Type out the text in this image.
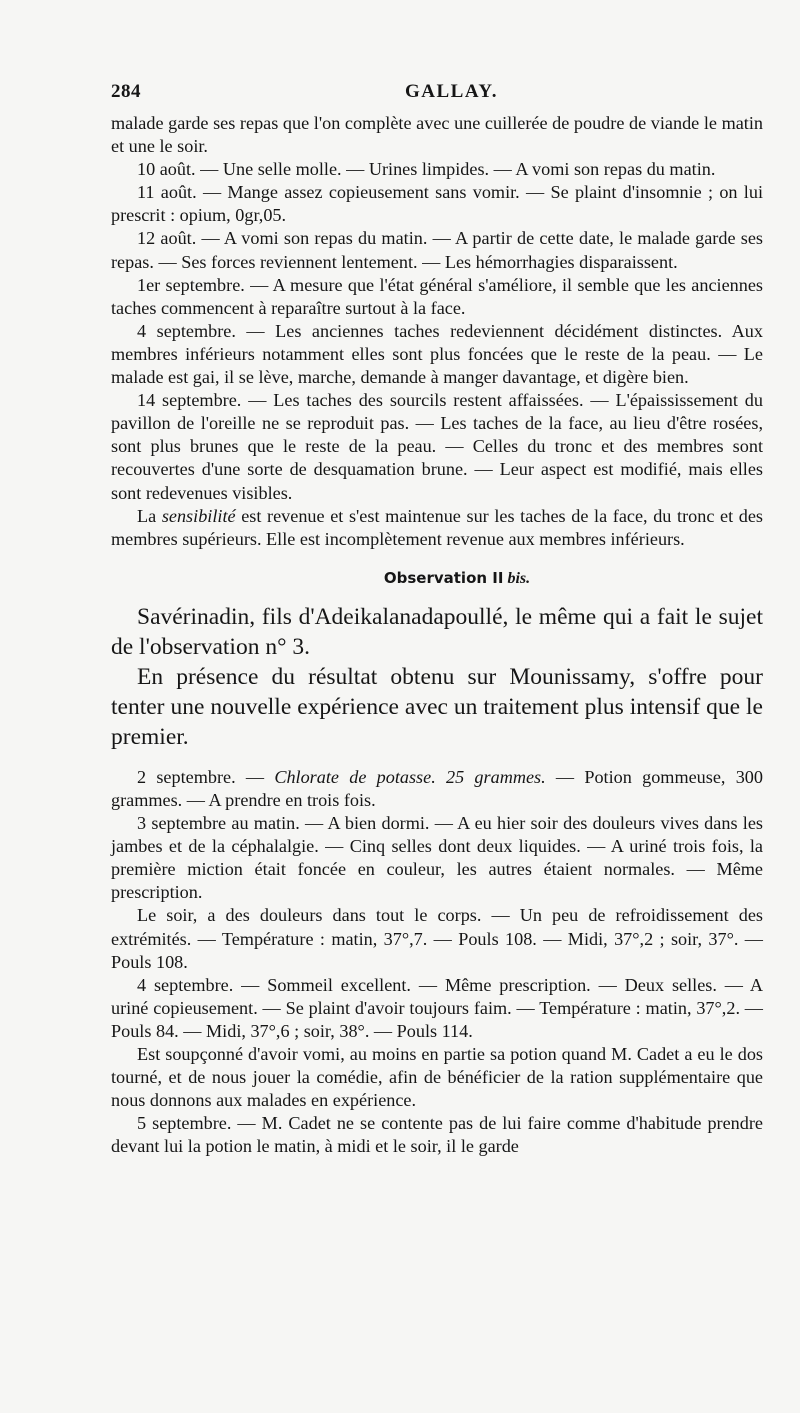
284	GALLAY.

malade garde ses repas que l'on complète avec une cuillerée de poudre de viande le matin et une le soir.

10 août. — Une selle molle. — Urines limpides. — A vomi son repas du matin.

11 août. — Mange assez copieusement sans vomir. — Se plaint d'insomnie ; on lui prescrit : opium, 0gr,05.

12 août. — A vomi son repas du matin. — A partir de cette date, le malade garde ses repas. — Ses forces reviennent lentement. — Les hémorrhagies disparaissent.

1er septembre. — A mesure que l'état général s'améliore, il semble que les anciennes taches commencent à reparaître surtout à la face.

4 septembre. — Les anciennes taches redeviennent décidément distinctes. Aux membres inférieurs notamment elles sont plus foncées que le reste de la peau. — Le malade est gai, il se lève, marche, demande à manger davantage, et digère bien.

14 septembre. — Les taches des sourcils restent affaissées. — L'épaississement du pavillon de l'oreille ne se reproduit pas. — Les taches de la face, au lieu d'être rosées, sont plus brunes que le reste de la peau. — Celles du tronc et des membres sont recouvertes d'une sorte de desquamation brune. — Leur aspect est modifié, mais elles sont redevenues visibles.

La sensibilité est revenue et s'est maintenue sur les taches de la face, du tronc et des membres supérieurs. Elle est incomplètement revenue aux membres inférieurs.

Observation II bis.

Savérinadin, fils d'Adeikalanadapoullé, le même qui a fait le sujet de l'observation n° 3.

En présence du résultat obtenu sur Mounissamy, s'offre pour tenter une nouvelle expérience avec un traitement plus intensif que le premier.

2 septembre. — Chlorate de potasse. 25 grammes. — Potion gommeuse, 300 grammes. — A prendre en trois fois.

3 septembre au matin. — A bien dormi. — A eu hier soir des douleurs vives dans les jambes et de la céphalalgie. — Cinq selles dont deux liquides. — A uriné trois fois, la première miction était foncée en couleur, les autres étaient normales. — Même prescription.

Le soir, a des douleurs dans tout le corps. — Un peu de refroidissement des extrémités. — Température : matin, 37°,7. — Pouls 108. — Midi, 37°,2 ; soir, 37°. — Pouls 108.

4 septembre. — Sommeil excellent. — Même prescription. — Deux selles. — A uriné copieusement. — Se plaint d'avoir toujours faim. — Température : matin, 37°,2. — Pouls 84. — Midi, 37°,6 ; soir, 38°. — Pouls 114.

Est soupçonné d'avoir vomi, au moins en partie sa potion quand M. Cadet a eu le dos tourné, et de nous jouer la comédie, afin de bénéficier de la ration supplémentaire que nous donnons aux malades en expérience.

5 septembre. — M. Cadet ne se contente pas de lui faire comme d'habitude prendre devant lui la potion le matin, à midi et le soir, il le garde
